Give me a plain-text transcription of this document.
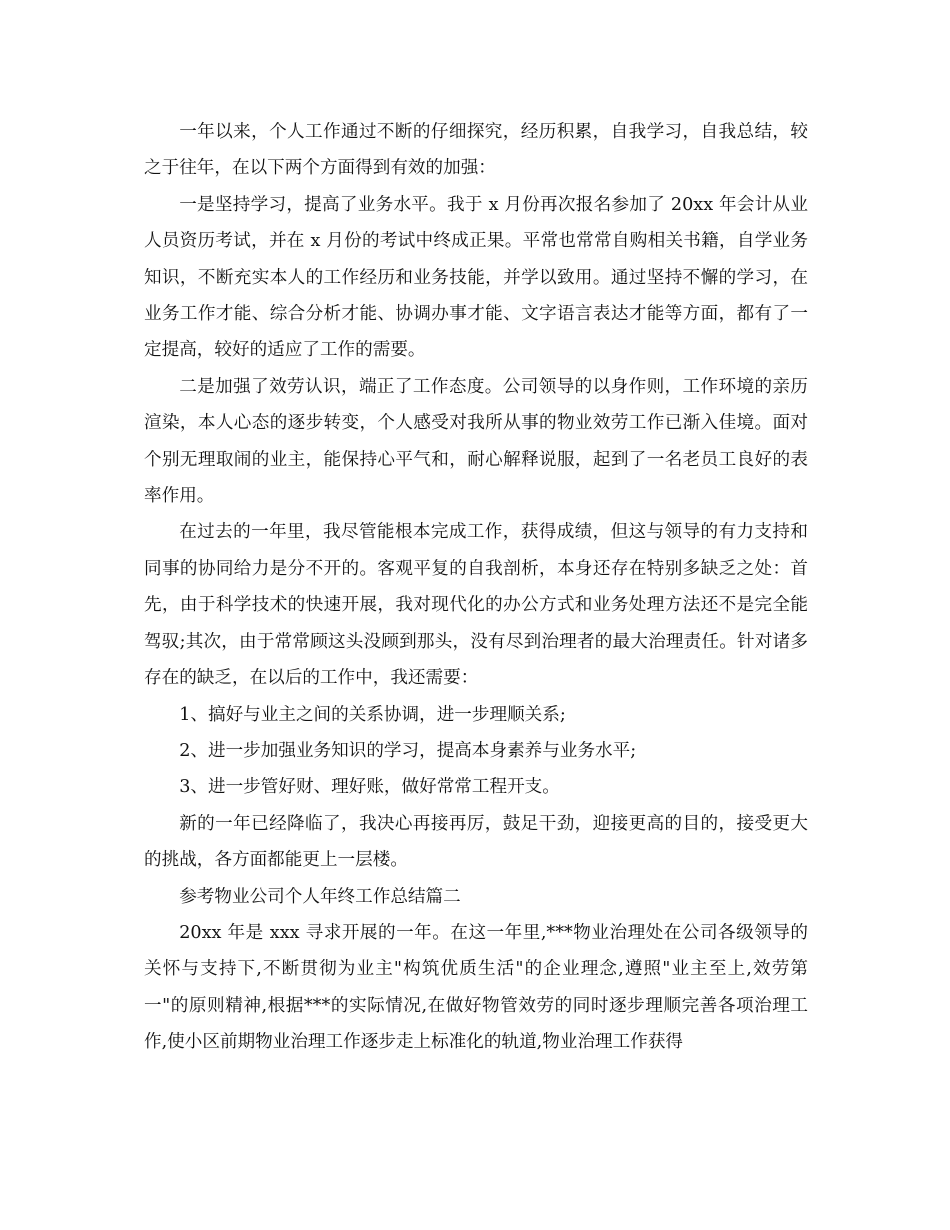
一年以来，个人工作通过不断的仔细探究，经历积累，自我学习，自我总结，较之于往年，在以下两个方面得到有效的加强：

一是坚持学习，提高了业务水平。我于 x 月份再次报名参加了 20xx 年会计从业人员资历考试，并在 x 月份的考试中终成正果。平常也常常自购相关书籍，自学业务知识，不断充实本人的工作经历和业务技能，并学以致用。通过坚持不懈的学习，在业务工作才能、综合分析才能、协调办事才能、文字语言表达才能等方面，都有了一定提高，较好的适应了工作的需要。

二是加强了效劳认识，端正了工作态度。公司领导的以身作则，工作环境的亲历渲染，本人心态的逐步转变，个人感受对我所从事的物业效劳工作已渐入佳境。面对个别无理取闹的业主，能保持心平气和，耐心解释说服，起到了一名老员工良好的表率作用。

在过去的一年里，我尽管能根本完成工作，获得成绩，但这与领导的有力支持和同事的协同给力是分不开的。客观平复的自我剖析，本身还存在特别多缺乏之处：首先，由于科学技术的快速开展，我对现代化的办公方式和业务处理方法还不是完全能驾驭;其次，由于常常顾这头没顾到那头，没有尽到治理者的最大治理责任。针对诸多存在的缺乏，在以后的工作中，我还需要：

1、搞好与业主之间的关系协调，进一步理顺关系;

2、进一步加强业务知识的学习，提高本身素养与业务水平;

3、进一步管好财、理好账，做好常常工程开支。

新的一年已经降临了，我决心再接再厉，鼓足干劲，迎接更高的目的，接受更大的挑战，各方面都能更上一层楼。

参考物业公司个人年终工作总结篇二

20xx 年是 xxx 寻求开展的一年。在这一年里,***物业治理处在公司各级领导的关怀与支持下,不断贯彻为业主"构筑优质生活"的企业理念,遵照"业主至上,效劳第一"的原则精神,根据***的实际情况,在做好物管效劳的同时逐步理顺完善各项治理工作,使小区前期物业治理工作逐步走上标准化的轨道,物业治理工作获得
